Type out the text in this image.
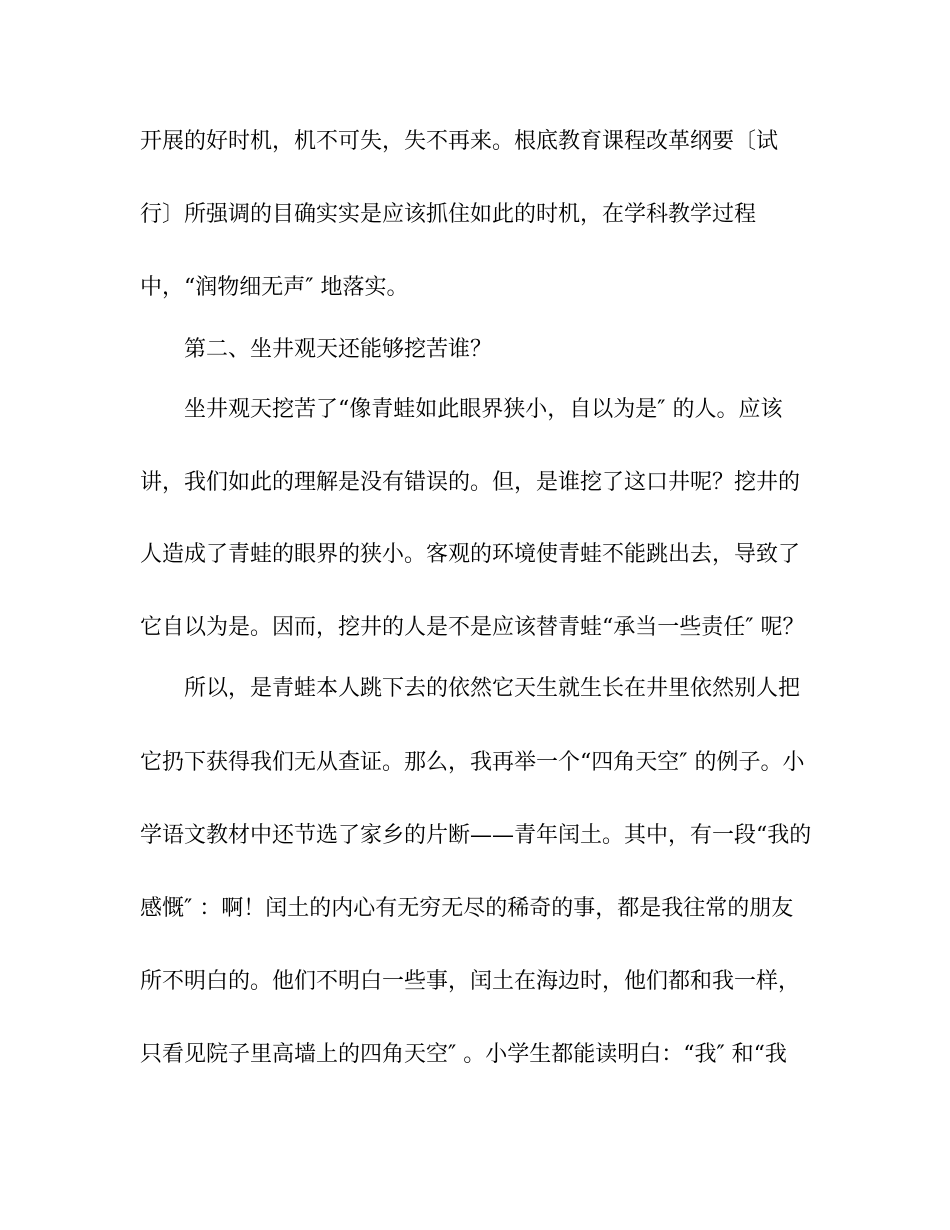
开展的好时机，机不可失，失不再来。根底教育课程改革纲要〔试
行〕所强调的目确实实是应该抓住如此的时机，在学科教学过程
中，“润物细无声″ 地落实。
第二、坐井观天还能够挖苦谁？
坐井观天挖苦了“像青蛙如此眼界狭小，自以为是″ 的人。应该
讲，我们如此的理解是没有错误的。但，是谁挖了这口井呢？挖井的
人造成了青蛙的眼界的狭小。客观的环境使青蛙不能跳出去，导致了
它自以为是。因而，挖井的人是不是应该替青蛙“承当一些责任″ 呢？
所以，是青蛙本人跳下去的依然它天生就生长在井里依然别人把
它扔下获得我们无从查证。那么，我再举一个“四角天空″ 的例子。小
学语文教材中还节选了家乡的片断——青年闰土。其中，有一段“我的
感慨″ ：啊！闰土的内心有无穷无尽的稀奇的事，都是我往常的朋友
所不明白的。他们不明白一些事，闰土在海边时，他们都和我一样，
只看见院子里高墙上的四角天空″ 。小学生都能读明白：“我″ 和“我
